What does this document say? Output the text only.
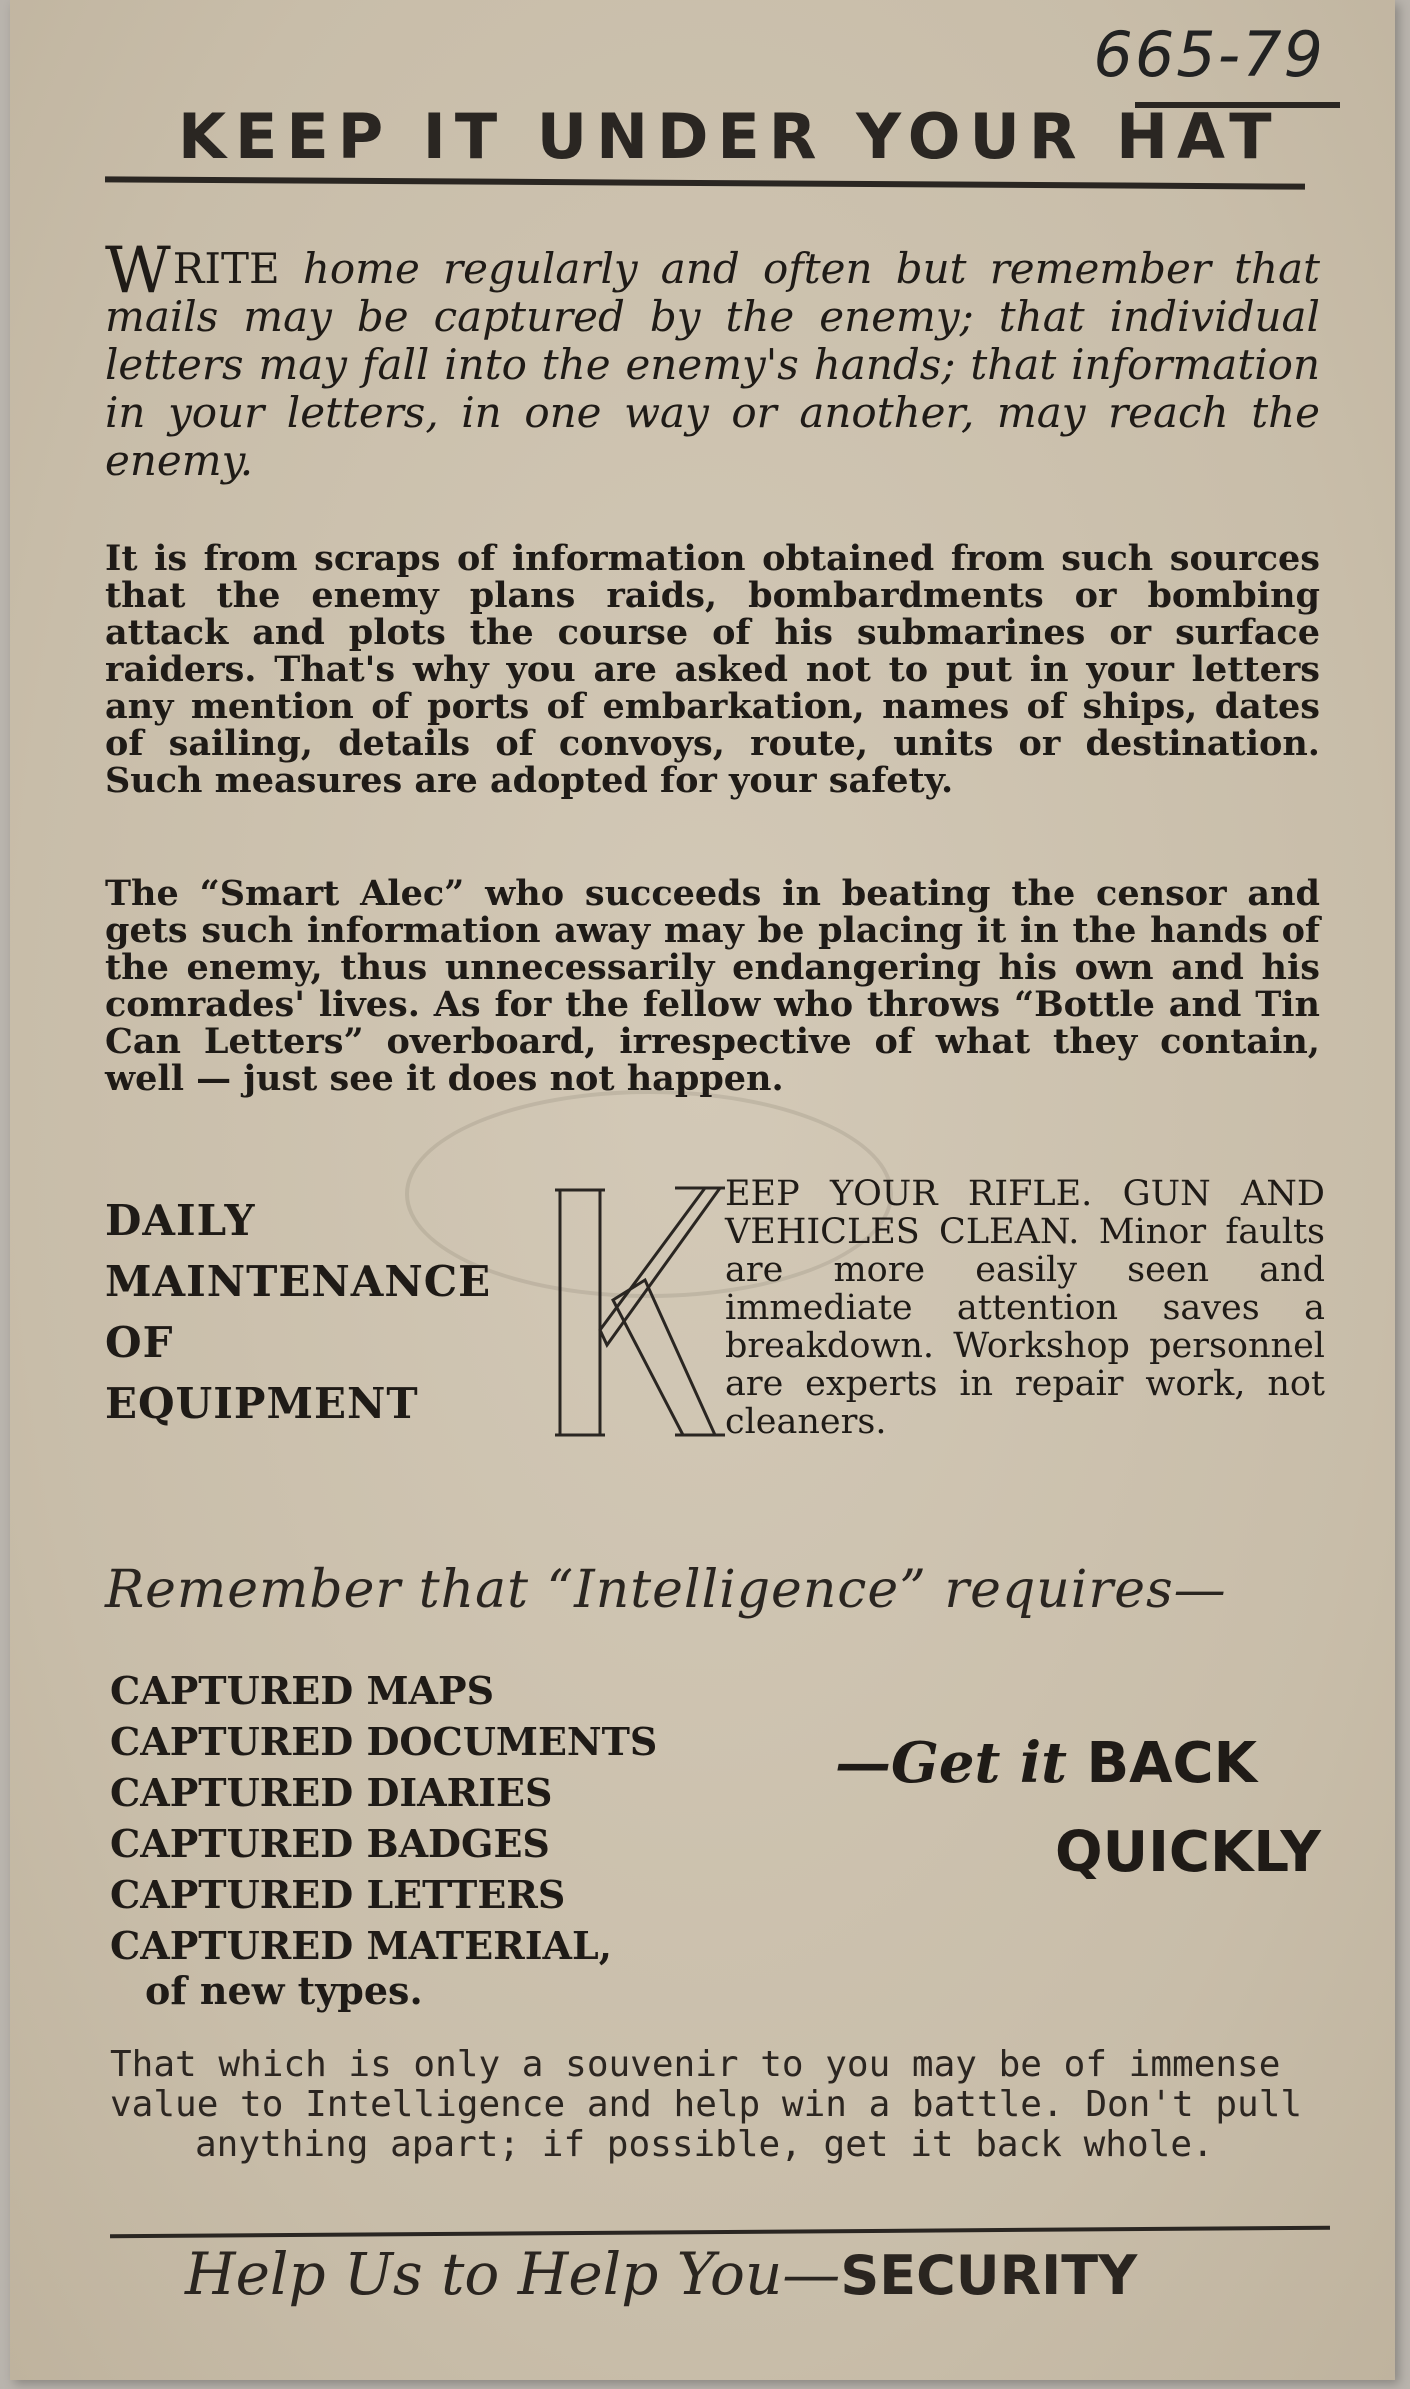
665-79
KEEP IT UNDER YOUR HAT
WRITE home regularly and often but remember that mails may be captured by the enemy; that individual letters may fall into the enemy's hands; that information in your letters, in one way or another, may reach the enemy.
It is from scraps of information obtained from such sources that the enemy plans raids, bombardments or bombing attack and plots the course of his submarines or surface raiders. That's why you are asked not to put in your letters any mention of ports of embarkation, names of ships, dates of sailing, details of convoys, route, units or destination. Such measures are adopted for your safety.
The “Smart Alec” who succeeds in beating the censor and gets such information away may be placing it in the hands of the enemy, thus unnecessarily endangering his own and his comrades' lives. As for the fellow who throws “Bottle and Tin Can Letters” overboard, irrespective of what they contain, well — just see it does not happen.
DAILY
MAINTENANCE
OF
EQUIPMENT
K
EEP YOUR RIFLE. GUN AND VEHICLES CLEAN. Minor faults are more easily seen and immediate attention saves a breakdown. Workshop personnel are experts in repair work, not cleaners.
Remember that “Intelligence” requires—
CAPTURED MAPS
CAPTURED DOCUMENTS
CAPTURED DIARIES
CAPTURED BADGES
CAPTURED LETTERS
CAPTURED MATERIAL,
of new types.
—Get it BACK
QUICKLY
That which is only a souvenir to you may be of immense
value to Intelligence and help win a battle. Don't pull
anything apart; if possible, get it back whole.
Help Us to Help You—SECURITY
